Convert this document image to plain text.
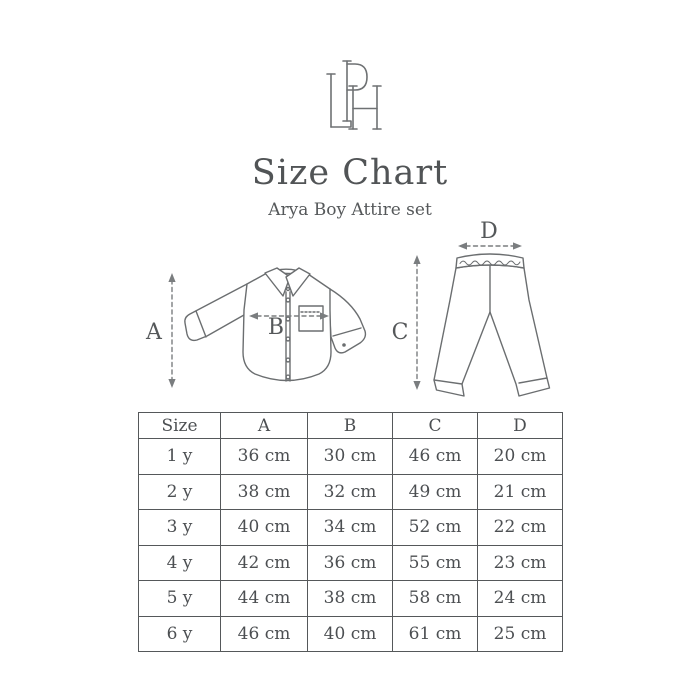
Size Chart
Arya Boy Attire set
A	B	C
D
Size	A	B	C	D
1 y	36 cm	30 cm	46 cm	20 cm
2 y	38 cm	32 cm	49 cm	21 cm
3 y	40 cm	34 cm	52 cm	22 cm
4 y	42 cm	36 cm	55 cm	23 cm
5 y	44 cm	38 cm	58 cm	24 cm
6 y	46 cm	40 cm	61 cm	25 cm
